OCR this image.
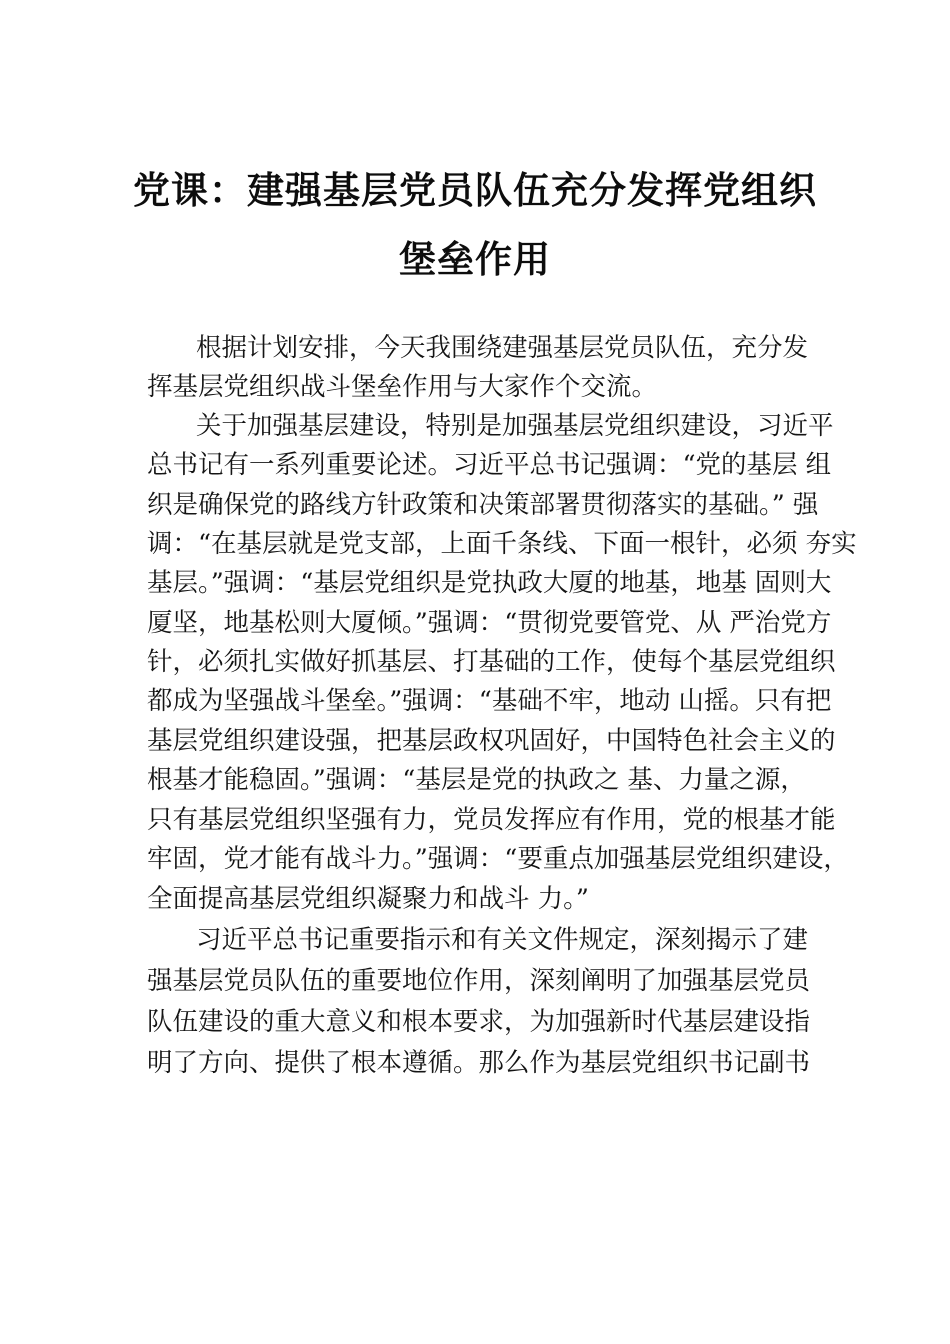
党课：建强基层党员队伍充分发挥党组织
堡垒作用
根据计划安排，今天我围绕建强基层党员队伍，充分发
挥基层党组织战斗堡垒作用与大家作个交流。
关于加强基层建设，特别是加强基层党组织建设，习近平
总书记有一系列重要论述。习近平总书记强调：“党的基层 组
织是确保党的路线方针政策和决策部署贯彻落实的基础。” 强
调：“在基层就是党支部，上面千条线、下面一根针，必须 夯实
基层。”强调：“基层党组织是党执政大厦的地基，地基 固则大
厦坚，地基松则大厦倾。”强调：“贯彻党要管党、从 严治党方
针，必须扎实做好抓基层、打基础的工作，使每个基层党组织
都成为坚强战斗堡垒。”强调：“基础不牢，地动 山摇。只有把
基层党组织建设强，把基层政权巩固好，中国特色社会主义的
根基才能稳固。”强调：“基层是党的执政之 基、力量之源，
只有基层党组织坚强有力，党员发挥应有作用，党的根基才能
牢固，党才能有战斗力。”强调：“要重点加强基层党组织建设，
全面提高基层党组织凝聚力和战斗 力。”
习近平总书记重要指示和有关文件规定，深刻揭示了建
强基层党员队伍的重要地位作用，深刻阐明了加强基层党员
队伍建设的重大意义和根本要求，为加强新时代基层建设指
明了方向、提供了根本遵循。那么作为基层党组织书记副书
